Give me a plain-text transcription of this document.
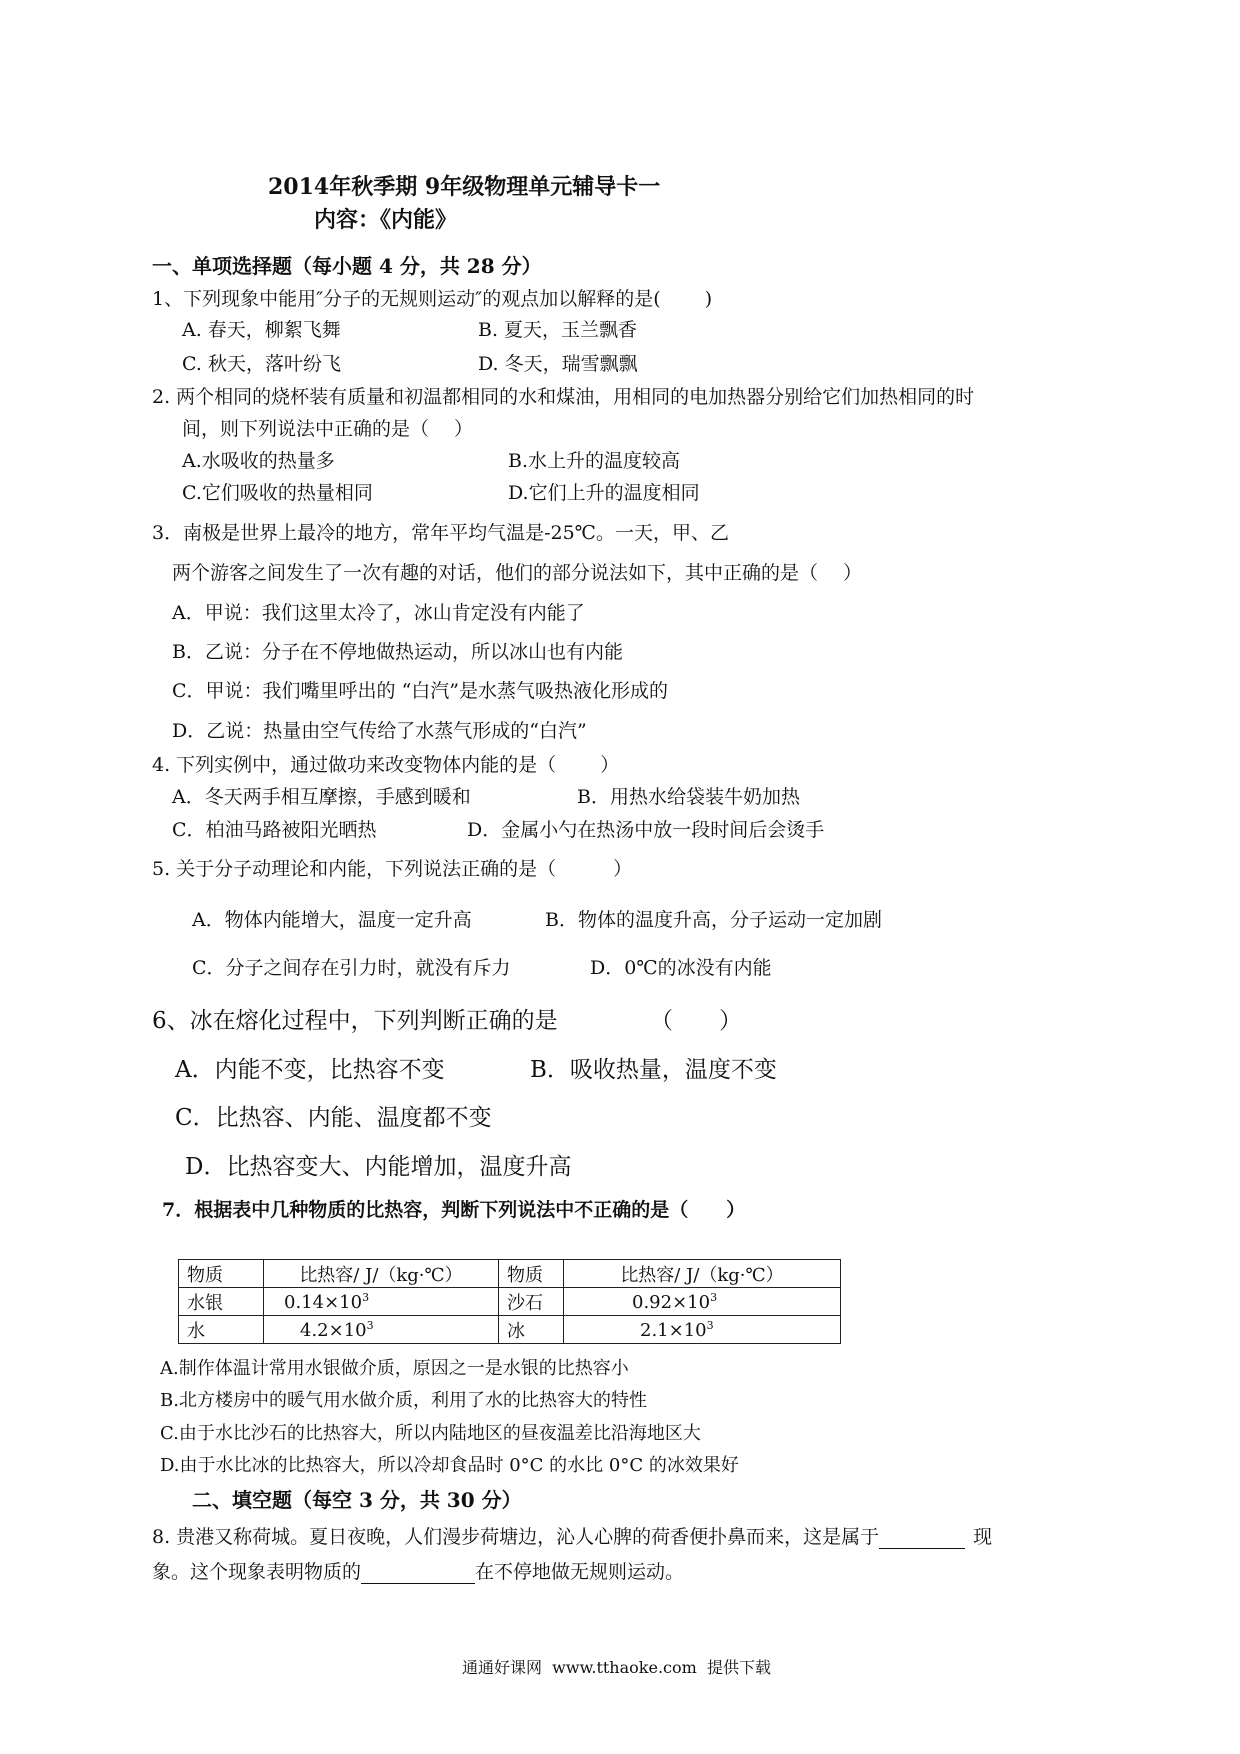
2014年秋季期 9年级物理单元辅导卡一
内容：《内能》
一、单项选择题（每小题 4 分，共 28 分）
1、下列现象中能用″分子的无规则运动″的观点加以解释的是(　　 )
A. 春天，柳絮飞舞	B. 夏天，玉兰飘香
C. 秋天，落叶纷飞	D. 冬天，瑞雪飘飘
2. 两个相同的烧杯装有质量和初温都相同的水和煤油，用相同的电加热器分别给它们加热相同的时
间，则下列说法中正确的是（　 ）
A.水吸收的热量多	B.水上升的温度较高
C.它们吸收的热量相同	D.它们上升的温度相同
3．南极是世界上最冷的地方，常年平均气温是-25℃。一天，甲、乙
两个游客之间发生了一次有趣的对话，他们的部分说法如下，其中正确的是（　 ）
A．甲说：我们这里太冷了，冰山肯定没有内能了
B．乙说：分子在不停地做热运动，所以冰山也有内能
C．甲说：我们嘴里呼出的 “白汽”是水蒸气吸热液化形成的
D．乙说：热量由空气传给了水蒸气形成的“白汽”
4. 下列实例中，通过做功来改变物体内能的是（　　 ）
A．冬天两手相互摩擦，手感到暖和	B．用热水给袋装牛奶加热
C．柏油马路被阳光晒热	D．金属小勺在热汤中放一段时间后会烫手
5. 关于分子动理论和内能，下列说法正确的是（　　　）
A．物体内能增大，温度一定升高	B．物体的温度升高，分子运动一定加剧
C．分子之间存在引力时，就没有斥力	D．0℃的冰没有内能
6、冰在熔化过程中，下列判断正确的是	（　　）
A．内能不变，比热容不变	B．吸收热量，温度不变
C．比热容、内能、温度都不变
D．比热容变大、内能增加，温度升高
7．根据表中几种物质的比热容，判断下列说法中不正确的是（　　）
物质	比热容/ J/（kg·℃）	物质	比热容/ J/（kg·℃）
水银	$0.14\times 10^3$	沙石	$0.92\times 10^3$
水	$4.2\times 10^3$	冰	$2.1\times 10^3$
A.制作体温计常用水银做介质，原因之一是水银的比热容小
B.北方楼房中的暖气用水做介质，利用了水的比热容大的特性
C.由于水比沙石的比热容大，所以内陆地区的昼夜温差比沿海地区大
D.由于水比冰的比热容大，所以冷却食品时 0°C 的水比 0°C 的冰效果好
二、填空题（每空 3 分，共 30 分）
8. 贵港又称荷城。夏日夜晚，人们漫步荷塘边，沁人心脾的荷香便扑鼻而来，这是属于	现
象。这个现象表明物质的	在不停地做无规则运动。
通通好课网  www.tthaoke.com  提供下载
